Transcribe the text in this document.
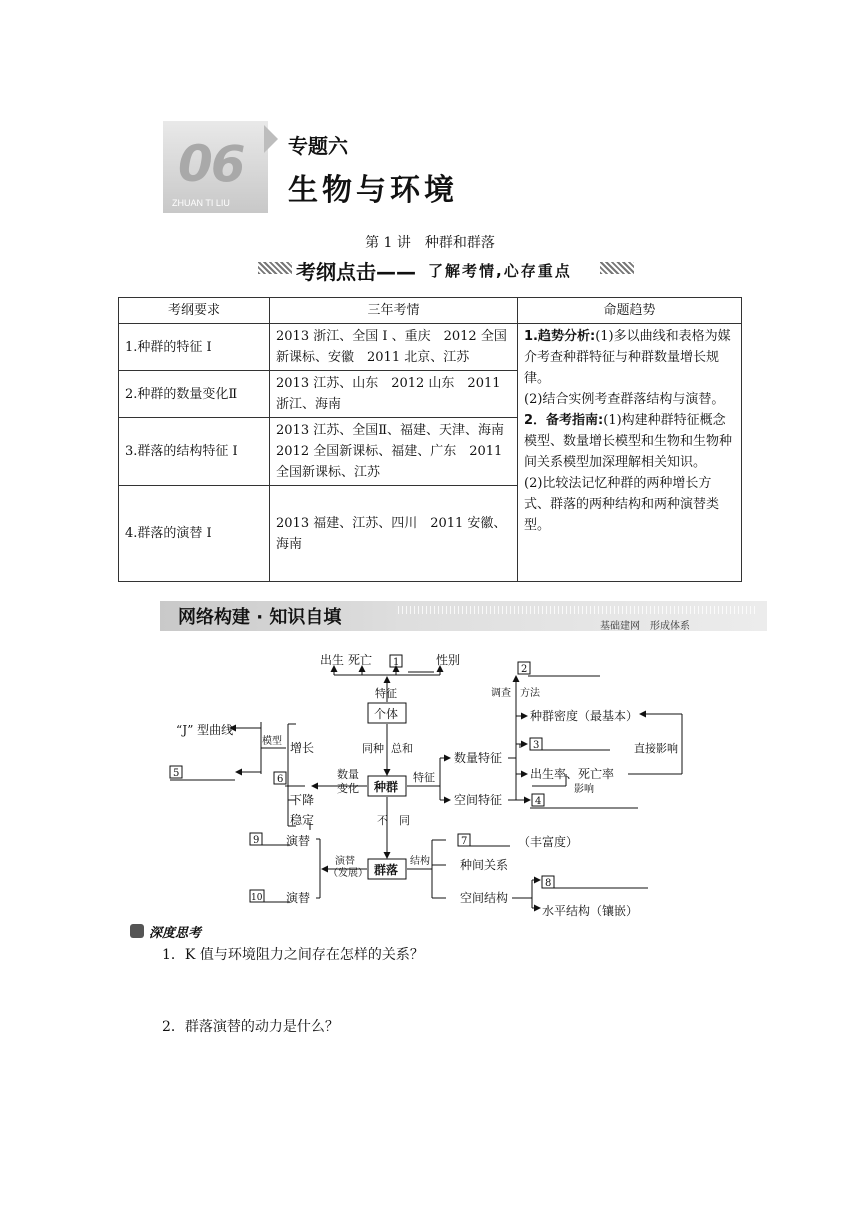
06
ZHUAN TI LIU
专题六
生物与环境
第 1 讲　种群和群落
考纲点击—— 了解考情,心存重点
考纲要求	三年考情	命题趋势
1.种群的特征 Ⅰ	2013 浙江、全国 Ⅰ 、重庆　2012 全国新课标、安徽　2011 北京、江苏	1.趋势分析:(1)多以曲线和表格为媒介考查种群特征与种群数量增长规律。
(2)结合实例考查群落结构与演替。
2．备考指南:(1)构建种群特征概念模型、数量增长模型和生物和生物种间关系模型加深理解相关知识。
(2)比较法记忆种群的两种增长方式、群落的两种结构和两种演替类型。

2.种群的数量变化Ⅱ	2013 江苏、山东　2012 山东　2011 浙江、海南	
3.群落的结构特征 Ⅰ	2013 江苏、全国Ⅱ、福建、天津、海南　2012 全国新课标、福建、广东　2011 全国新课标、江苏	
4.群落的演替 Ⅰ	2013 福建、江苏、四川　2011 安徽、海南	
网络构建 · 知识自填	基础建网　形成体系
出生 死亡	性别
特征
个体
同种 总和
种群
数量
变化
特征
“J” 型曲线
模型 增长
下降
稳定
数量特征
空间特征
调查 方法
种群密度（最基本）
出生率、死亡率
直接影响
影响
不　同
群落
演替
（发展）
结构
演替
演替
（丰富度）
种间关系
空间结构
水平结构（镶嵌）
1
2
3
4
5
6
7
8
9
10
深度思考
1．K 值与环境阻力之间存在怎样的关系？
2．群落演替的动力是什么？
